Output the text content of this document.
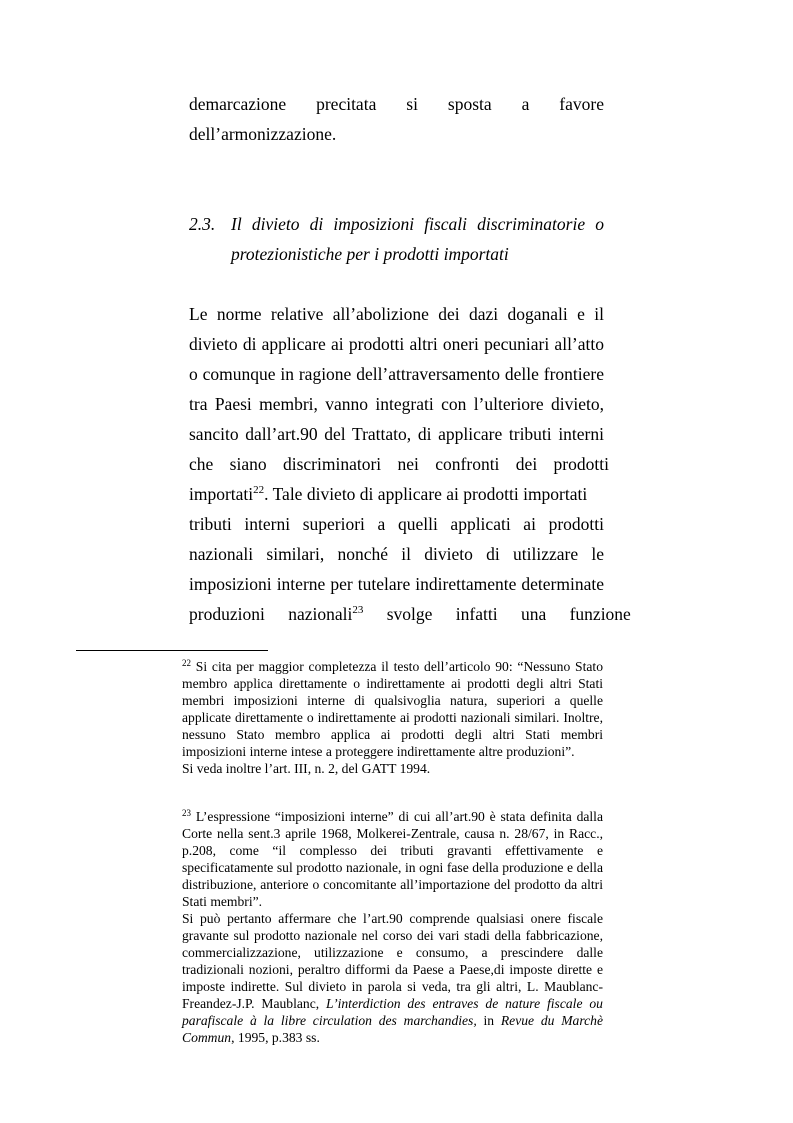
demarcazione precitata si sposta a favore
dell’armonizzazione.
2.3. Il divieto di imposizioni fiscali discriminatorie o
protezionistiche per i prodotti importati
Le norme relative all’abolizione dei dazi doganali e il
divieto di applicare ai prodotti altri oneri pecuniari all’atto
o comunque in ragione dell’attraversamento delle frontiere
tra Paesi membri, vanno integrati con l’ulteriore divieto,
sancito dall’art.90 del Trattato, di applicare tributi interni
che siano discriminatori nei confronti dei prodotti
importati$^{22}$. Tale divieto di applicare ai prodotti importati
tributi interni superiori a quelli applicati ai prodotti
nazionali similari, nonché il divieto di utilizzare le
imposizioni interne per tutelare indirettamente determinate
produzioni nazionali$^{23}$ svolge infatti una funzione

$^{22}$ Si cita per maggior completezza il testo dell’articolo 90: “Nessuno Stato membro applica direttamente o indirettamente ai prodotti degli altri Stati membri imposizioni interne di qualsivoglia natura, superiori a quelle applicate direttamente o indirettamente ai prodotti nazionali similari. Inoltre, nessuno Stato membro applica ai prodotti degli altri Stati membri imposizioni interne intese a proteggere indirettamente altre produzioni”.

Si veda inoltre l’art. III, n. 2, del GATT 1994.

$^{23}$ L’espressione “imposizioni interne” di cui all’art.90 è stata definita dalla Corte nella sent.3 aprile 1968, Molkerei-Zentrale, causa n. 28/67, in Racc., p.208, come “il complesso dei tributi gravanti effettivamente e specificatamente sul prodotto nazionale, in ogni fase della produzione e della distribuzione, anteriore o concomitante all’importazione del prodotto da altri Stati membri”.

Si può pertanto affermare che l’art.90 comprende qualsiasi onere fiscale gravante sul prodotto nazionale nel corso dei vari stadi della fabbricazione, commercializzazione, utilizzazione e consumo, a prescindere dalle tradizionali nozioni, peraltro difformi da Paese a Paese,di imposte dirette e imposte indirette. Sul divieto in parola si veda, tra gli altri, L. Maublanc-Freandez-J.P. Maublanc, L’interdiction des entraves de nature fiscale ou parafiscale à la libre circulation des marchandies, in Revue du Marchè Commun, 1995, p.383 ss.
